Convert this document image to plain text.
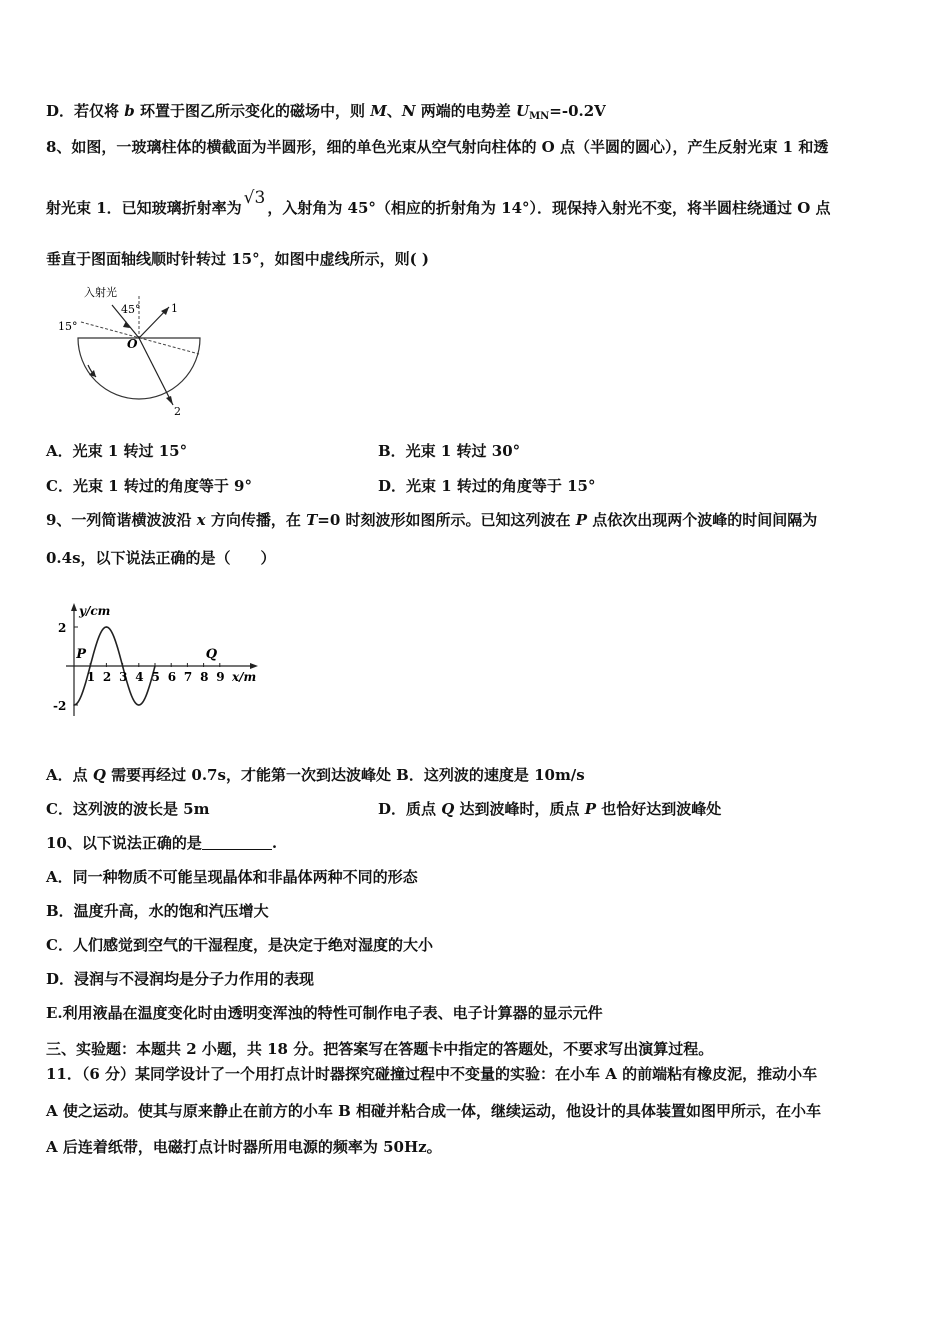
D．若仅将 b 环置于图乙所示变化的磁场中，则 M、N 两端的电势差 $U_{MN}=-0.2V$
8、如图，一玻璃柱体的横截面为半圆形，细的单色光束从空气射向柱体的 O 点（半圆的圆心），产生反射光束 1 和透
射光束 1．已知玻璃折射率为 √3 ，入射角为 45°（相应的折射角为 14°）．现保持入射光不变，将半圆柱绕通过 O 点
垂直于图面轴线顺时针转过 15°，如图中虚线所示，则( )
入射光
45°
15°
O
1
2
A．光束 1 转过 15°	B．光束 1 转过 30°
C．光束 1 转过的角度等于 9°	D．光束 1 转过的角度等于 15°
9、一列简谐横波波沿 x 方向传播，在 T=0 时刻波形如图所示。已知这列波在 P 点依次出现两个波峰的时间间隔为
0.4s，以下说法正确的是（　　）
1 2 3 4 5 6 7 8 9
2
-2
y/cm
x/m
P	Q
A．点 Q 需要再经过 0.7s，才能第一次到达波峰处 B．这列波的速度是 10m/s
C．这列波的波长是 5m	D．质点 Q 达到波峰时，质点 P 也恰好达到波峰处
10、以下说法正确的是	.
A．同一种物质不可能呈现晶体和非晶体两种不同的形态
B．温度升高，水的饱和汽压增大
C．人们感觉到空气的干湿程度，是决定于绝对湿度的大小
D．浸润与不浸润均是分子力作用的表现
E.利用液晶在温度变化时由透明变浑浊的特性可制作电子表、电子计算器的显示元件
三、实验题：本题共 2 小题，共 18 分。把答案写在答题卡中指定的答题处，不要求写出演算过程。
11．（6 分）某同学设计了一个用打点计时器探究碰撞过程中不变量的实验：在小车 A 的前端粘有橡皮泥，推动小车
A 使之运动。使其与原来静止在前方的小车 B 相碰并粘合成一体，继续运动，他设计的具体装置如图甲所示，在小车
A 后连着纸带，电磁打点计时器所用电源的频率为 50Hz。
